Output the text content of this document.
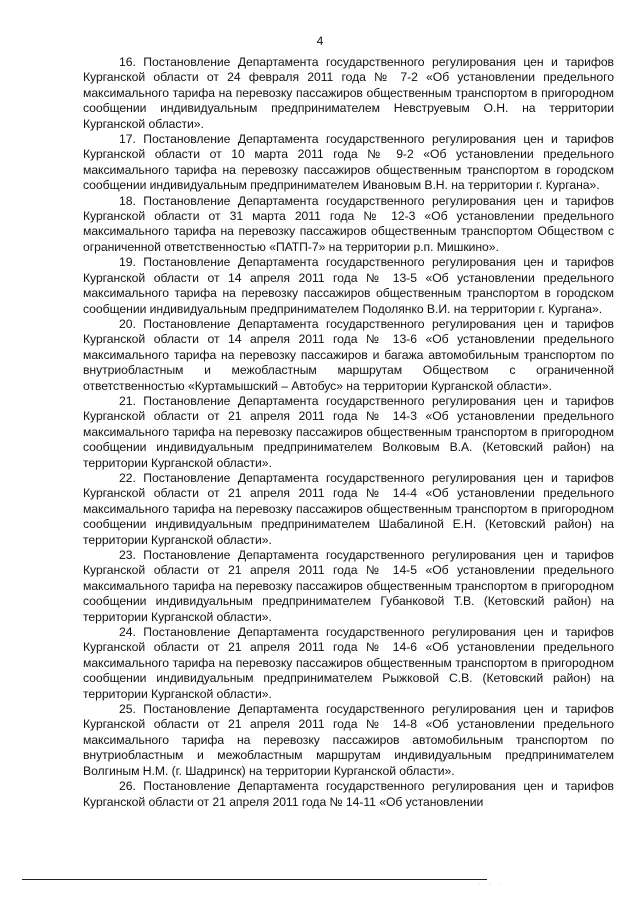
4

16. Постановление Департамента государственного регулирования цен и тарифов Курганской области от 24 февраля 2011 года № 7-2 «Об установлении предельного максимального тарифа на перевозку пассажиров общественным транспортом в пригородном сообщении индивидуальным предпринимателем Невструевым О.Н. на территории Курганской области».

17. Постановление Департамента государственного регулирования цен и тарифов Курганской области от 10 марта 2011 года № 9-2 «Об установлении предельного максимального тарифа на перевозку пассажиров общественным транспортом в городском сообщении индивидуальным предпринимателем Ивановым В.Н. на территории г. Кургана».

18. Постановление Департамента государственного регулирования цен и тарифов Курганской области от 31 марта 2011 года № 12-3 «Об установлении предельного максимального тарифа на перевозку пассажиров общественным транспортом Обществом с ограниченной ответственностью «ПАТП-7» на территории р.п. Мишкино».

19. Постановление Департамента государственного регулирования цен и тарифов Курганской области от 14 апреля 2011 года № 13-5 «Об установлении предельного максимального тарифа на перевозку пассажиров общественным транспортом в городском сообщении индивидуальным предпринимателем Подолянко В.И. на территории г. Кургана».

20. Постановление Департамента государственного регулирования цен и тарифов Курганской области от 14 апреля 2011 года № 13-6 «Об установлении предельного максимального тарифа на перевозку пассажиров и багажа автомобильным транспортом по внутриобластным и межобластным маршрутам Обществом с ограниченной ответственностью «Куртамышский – Автобус» на территории Курганской области».

21. Постановление Департамента государственного регулирования цен и тарифов Курганской области от 21 апреля 2011 года № 14-3 «Об установлении предельного максимального тарифа на перевозку пассажиров общественным транспортом в пригородном сообщении индивидуальным предпринимателем Волковым В.А. (Кетовский район) на территории Курганской области».

22. Постановление Департамента государственного регулирования цен и тарифов Курганской области от 21 апреля 2011 года № 14-4 «Об установлении предельного максимального тарифа на перевозку пассажиров общественным транспортом в пригородном сообщении индивидуальным предпринимателем Шабалиной Е.Н. (Кетовский район) на территории Курганской области».

23. Постановление Департамента государственного регулирования цен и тарифов Курганской области от 21 апреля 2011 года № 14-5 «Об установлении предельного максимального тарифа на перевозку пассажиров общественным транспортом в пригородном сообщении индивидуальным предпринимателем Губанковой Т.В. (Кетовский район) на территории Курганской области».

24. Постановление Департамента государственного регулирования цен и тарифов Курганской области от 21 апреля 2011 года № 14-6 «Об установлении предельного максимального тарифа на перевозку пассажиров общественным транспортом в пригородном сообщении индивидуальным предпринимателем Рыжковой С.В. (Кетовский район) на территории Курганской области».

25. Постановление Департамента государственного регулирования цен и тарифов Курганской области от 21 апреля 2011 года № 14-8 «Об установлении предельного максимального тарифа на перевозку пассажиров автомобильным транспортом по внутриобластным и межобластным маршрутам индивидуальным предпринимателем Волгиным Н.М. (г. Шадринск) на территории Курганской области».

26. Постановление Департамента государственного регулирования цен и тарифов Курганской области от 21 апреля 2011 года № 14-11 «Об установлении

· · ·
